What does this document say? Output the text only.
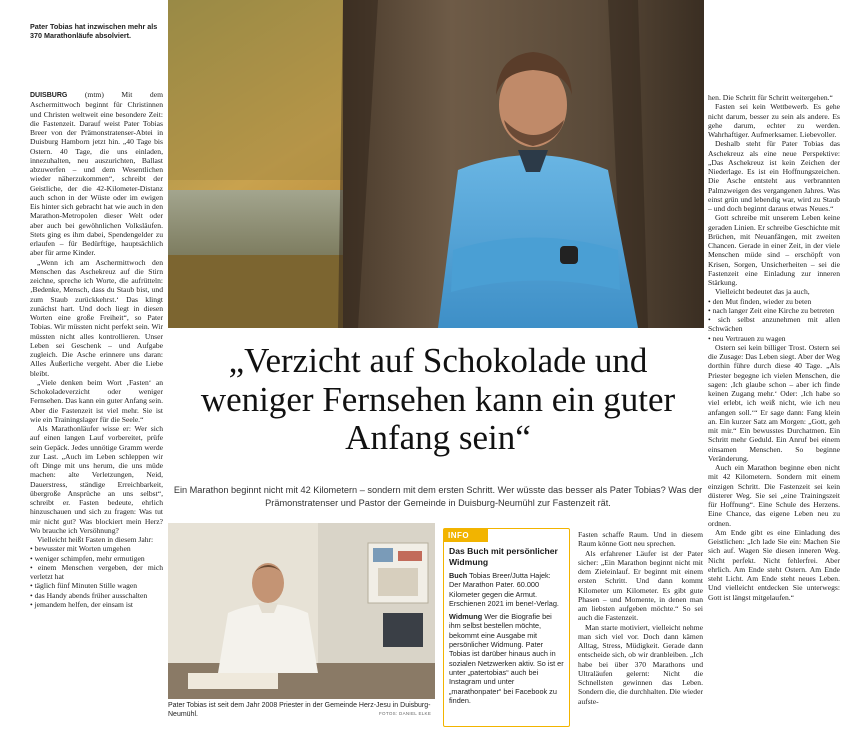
Pater Tobias hat inzwischen mehr als 370 Marathonläufe absolviert.

DUISBURG (mtm) Mit dem Aschermittwoch beginnt für Christinnen und Christen weltweit eine besondere Zeit: die Fastenzeit. Darauf weist Pater Tobias Breer von der Prämonstratenser-Abtei in Duisburg Hamborn jetzt hin. „40 Tage bis Ostern. 40 Tage, die uns einladen, innezuhalten, neu auszurichten, Ballast abzuwerfen – und dem Wesentlichen wieder näherzukommen“, schreibt der Geistliche, der die 42-Kilometer-Distanz auch schon in der Wüste oder im ewigen Eis hinter sich gebracht hat wie auch in den Marathon-Metropolen dieser Welt oder aber auch bei gewöhnlichen Volksläufen. Stets ging es ihm dabei, Spendengelder zu erlaufen – für Bedürftige, hauptsächlich aber für arme Kinder.

„Wenn ich am Aschermittwoch den Menschen das Aschekreuz auf die Stirn zeichne, spreche ich Worte, die aufrütteln: ‚Bedenke, Mensch, dass du Staub bist, und zum Staub zurückkehrst.‘ Das klingt zunächst hart. Und doch liegt in diesen Worten eine große Freiheit“, so Pater Tobias. Wir müssten nicht perfekt sein. Wir müssten nicht alles kontrollieren. Unser Leben sei Geschenk – und Aufgabe zugleich. Die Asche erinnere uns daran: Alles Äußerliche vergeht. Aber die Liebe bleibt.

„Viele denken beim Wort ‚Fasten‘ an Schokoladeverzicht oder weniger Fernsehen. Das kann ein guter Anfang sein. Aber die Fastenzeit ist viel mehr. Sie ist wie ein Trainingslager für die Seele.“

Als Marathonläufer wisse er: Wer sich auf einen langen Lauf vorbereitet, prüfe sein Gepäck. Jedes unnötige Gramm werde zur Last. „Auch im Leben schleppen wir oft Dinge mit uns herum, die uns müde machen: alte Verletzungen, Neid, Dauerstress, ständige Erreichbarkeit, übergroße Ansprüche an uns selbst“, schreibt er. Fasten bedeute, ehrlich hinzuschauen und sich zu fragen: Was tut mir nicht gut? Was blockiert mein Herz? Wo brauche ich Versöhnung?

Vielleicht heißt Fasten in diesem Jahr:

• bewusster mit Worten umgehen
• weniger schimpfen, mehr ermutigen
• einem Menschen vergeben, der mich verletzt hat
• täglich fünf Minuten Stille wagen
• das Handy abends früher ausschalten
• jemandem helfen, der einsam ist
„Verzicht auf Schokolade und weniger Fernsehen kann ein guter Anfang sein“
Ein Marathon beginnt nicht mit 42 Kilometern – sondern mit dem ersten Schritt. Wer wüsste das besser als Pater Tobias? Was der Prämonstratenser und Pastor der Gemeinde in Duisburg-Neumühl zur Fastenzeit rät.
Pater Tobias ist seit dem Jahr 2008 Priester in der Gemeinde Herz-Jesu in Duisburg-Neumühl.	FOTOS: DANIEL ELKE
INFO
Das Buch mit persönlicher Widmung

Buch Tobias Breer/Jutta Hajek: Der Marathon Pater. 60.000 Kilometer gegen die Armut. Erschienen 2021 im bene!-Verlag.

Widmung Wer die Biografie bei ihm selbst bestellen möchte, bekommt eine Ausgabe mit persönlicher Widmung. Pater Tobias ist darüber hinaus auch in sozialen Netzwerken aktiv. So ist er unter „patertobias“ auch bei Instagram und unter „marathonpater“ bei Facebook zu finden.

Fasten schaffe Raum. Und in diesem Raum könne Gott neu sprechen.

Als erfahrener Läufer ist der Pater sicher: „Ein Marathon beginnt nicht mit dem Zieleinlauf. Er beginnt mit einem ersten Schritt. Und dann kommt Kilometer um Kilometer. Es gibt gute Phasen – und Momente, in denen man am liebsten aufgeben möchte.“ So sei auch die Fastenzeit.

Man starte motiviert, vielleicht nehme man sich viel vor. Doch dann kämen Alltag, Stress, Müdigkeit. Gerade dann entscheide sich, ob wir dranbleiben. „Ich habe bei über 370 Marathons und Ultraläufen gelernt: Nicht die Schnellsten gewinnen das Leben. Sondern die, die durchhalten. Die wieder aufste-

hen. Die Schritt für Schritt weitergehen.“

Fasten sei kein Wettbewerb. Es gehe nicht darum, besser zu sein als andere. Es gehe darum, echter zu werden. Wahrhaftiger. Aufmerksamer. Liebevoller.

Deshalb steht für Pater Tobias das Aschekreuz als eine neue Perspektive: „Das Aschekreuz ist kein Zeichen der Niederlage. Es ist ein Hoffnungszeichen. Die Asche entsteht aus verbrannten Palmzweigen des vergangenen Jahres. Was einst grün und lebendig war, wird zu Staub – und doch beginnt daraus etwas Neues.“

Gott schreibe mit unserem Leben keine geraden Linien. Er schreibe Geschichte mit Brüchen, mit Neuanfängen, mit zweiten Chancen. Gerade in einer Zeit, in der viele Menschen müde sind – erschöpft von Krisen, Sorgen, Unsicherheiten – sei die Fastenzeit eine Einladung zur inneren Stärkung.

Vielleicht bedeutet das ja auch,

• den Mut finden, wieder zu beten
• nach langer Zeit eine Kirche zu betreten
• sich selbst anzunehmen mit allen Schwächen
• neu Vertrauen zu wagen

Ostern sei kein billiger Trost. Ostern sei die Zusage: Das Leben siegt. Aber der Weg dorthin führe durch diese 40 Tage. „Als Priester begegne ich vielen Menschen, die sagen: ‚Ich glaube schon – aber ich finde keinen Zugang mehr.‘ Oder: ‚Ich habe so viel erlebt, ich weiß nicht, wie ich neu anfangen soll.‘“ Er sage dann: Fang klein an. Ein kurzer Satz am Morgen: „Gott, geh mit mir.“ Ein bewusstes Durchatmen. Ein Schritt mehr Geduld. Ein Anruf bei einem einsamen Menschen. So beginne Veränderung.

Auch ein Marathon beginne eben nicht mit 42 Kilometern. Sondern mit einem einzigen Schritt. Die Fastenzeit sei kein düsterer Weg. Sie sei „eine Trainingszeit für Hoffnung“. Eine Schule des Herzens. Eine Chance, das eigene Leben neu zu ordnen.

Am Ende gibt es eine Einladung des Geistlichen: „Ich lade Sie ein: Machen Sie sich auf. Wagen Sie diesen inneren Weg. Nicht perfekt. Nicht fehlerfrei. Aber ehrlich. Am Ende steht Ostern. Am Ende steht Licht. Am Ende steht neues Leben. Und vielleicht entdecken Sie unterwegs: Gott ist längst mitgelaufen.“
